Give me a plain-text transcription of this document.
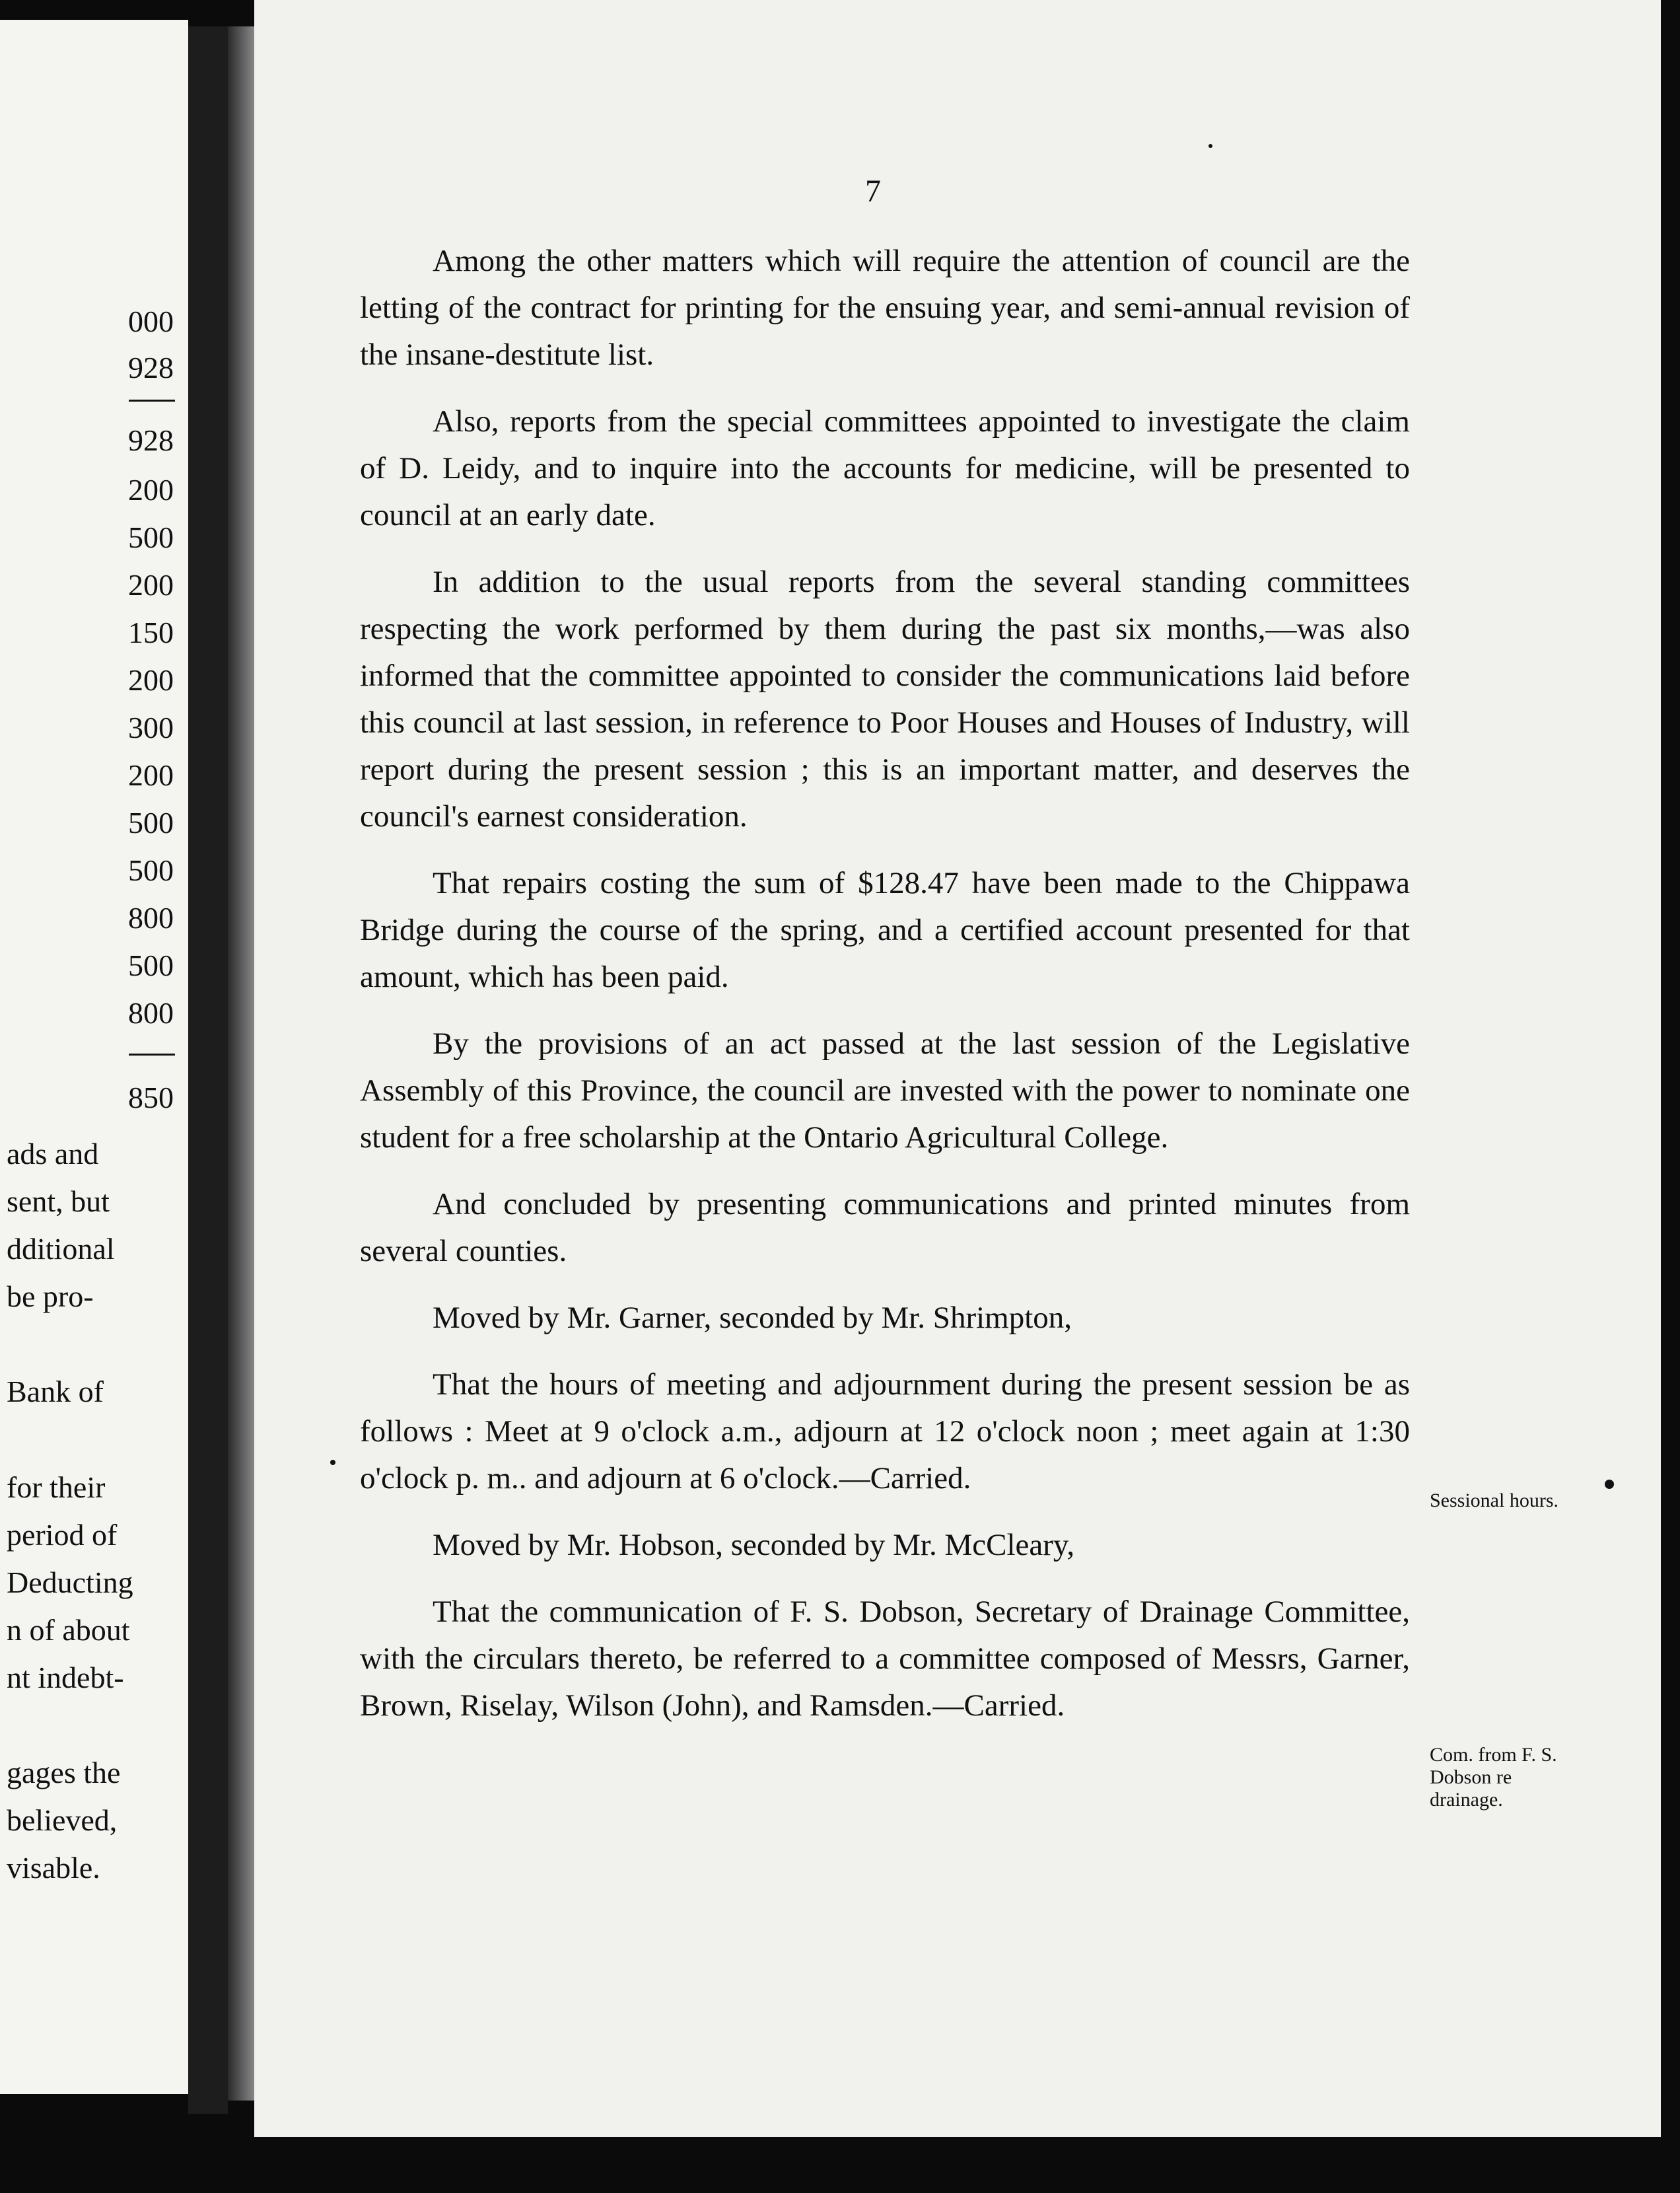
000
928
928
200
500
200
150
200
300
200
500
500
800
500
800
850
ads and
sent, but
dditional
be pro-
Bank of
for their
period of
Deducting
n of about
nt indebt-
gages the
believed,
visable.
7

Among the other matters which will require the attention of council are the letting of the contract for printing for the ensuing year, and semi-annual revision of the insane-destitute list.

Also, reports from the special committees appointed to investigate the claim of D. Leidy, and to inquire into the accounts for medicine, will be presented to council at an early date.

In addition to the usual reports from the several standing committees respecting the work performed by them during the past six months,—was also informed that the committee appointed to consider the communications laid before this council at last session, in reference to Poor Houses and Houses of Industry, will report during the present session ; this is an important matter, and deserves the council's earnest consideration.

That repairs costing the sum of $128.47 have been made to the Chippawa Bridge during the course of the spring, and a certified account presented for that amount, which has been paid.

By the provisions of an act passed at the last session of the Legislative Assembly of this Province, the council are invested with the power to nominate one student for a free scholarship at the Ontario Agricultural College.

And concluded by presenting communications and printed minutes from several counties.

Moved by Mr. Garner, seconded by Mr. Shrimpton,

That the hours of meeting and adjournment during the present session be as follows : Meet at 9 o'clock a.m., adjourn at 12 o'clock noon ; meet again at 1:30 o'clock p. m.. and adjourn at 6 o'clock.—Carried.

Moved by Mr. Hobson, seconded by Mr. McCleary,

That the communication of F. S. Dobson, Secretary of Drainage Committee, with the circulars thereto, be referred to a committee composed of Messrs, Garner, Brown, Riselay, Wilson (John), and Ramsden.—Carried.

Sessional hours.
Com. from F. S. Dobson re drainage.
